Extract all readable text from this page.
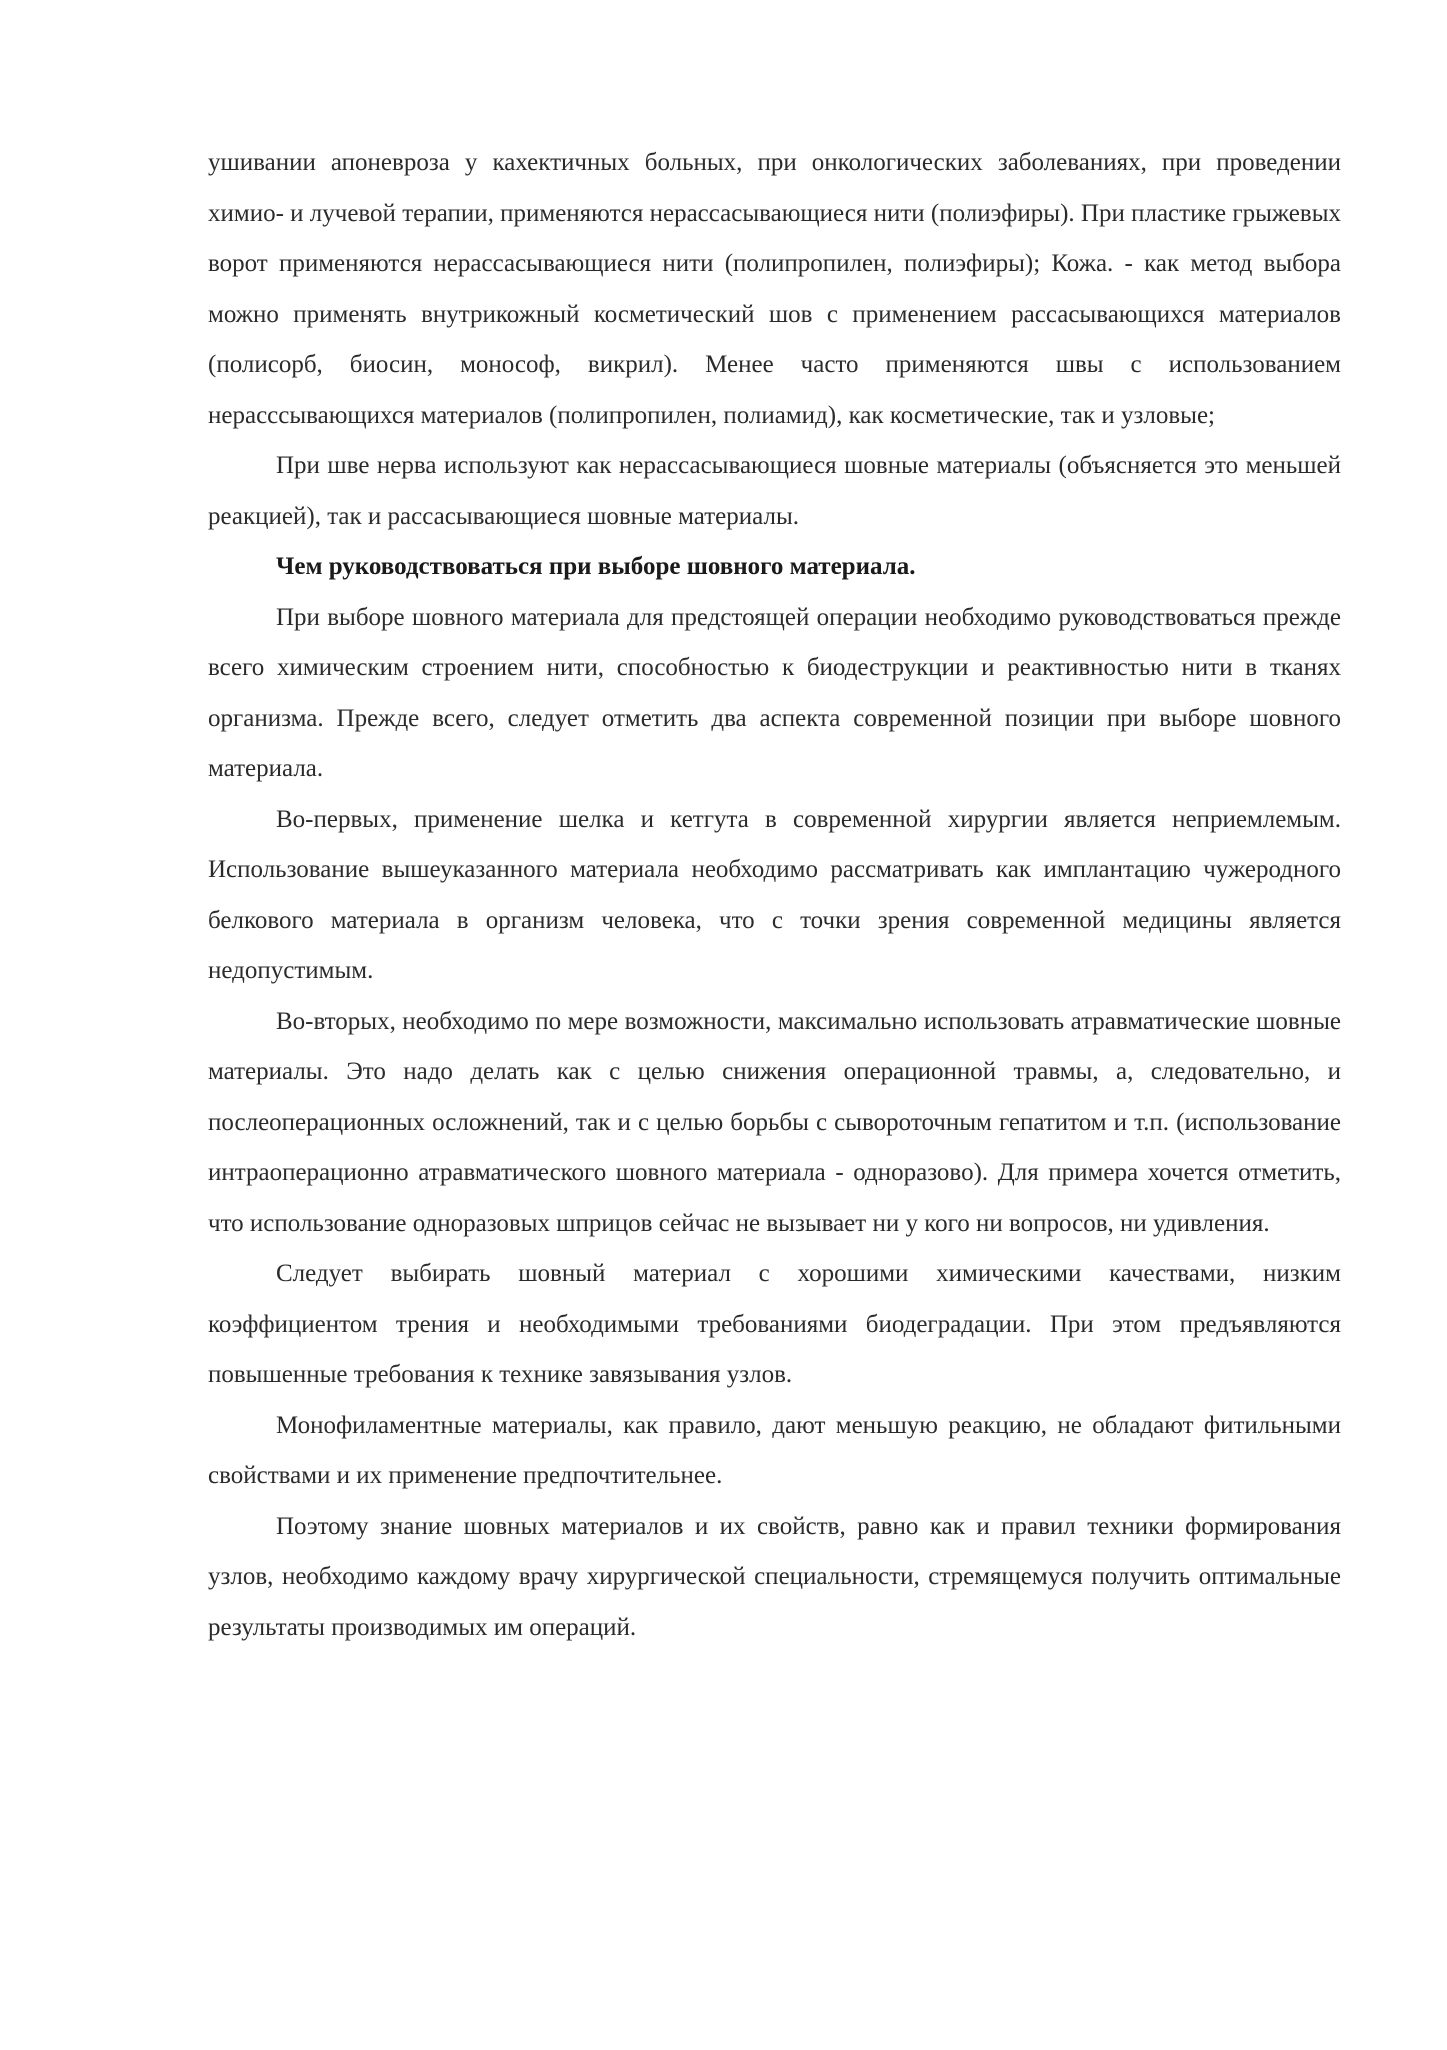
ушивании апоневроза у кахектичных больных, при онкологических заболеваниях, при проведении химио- и лучевой терапии, применяются нерассасывающиеся нити (полиэфиры). При пластике грыжевых ворот применяются нерассасывающиеся нити (полипропилен, полиэфиры); Кожа. - как метод выбора можно применять внутрикожный косметический шов с применением рассасывающихся материалов (полисорб, биосин, монософ, викрил). Менее часто применяются швы с использованием нерасссывающихся материалов (полипропилен, полиамид), как косметические, так и узловые;

При шве нерва используют как нерассасывающиеся шовные материалы (объясняется это меньшей реакцией), так и рассасывающиеся шовные материалы.

Чем руководствоваться при выборе шовного материала.

При выборе шовного материала для предстоящей операции необходимо руководствоваться прежде всего химическим строением нити, способностью к биодеструкции и реактивностью нити в тканях организма. Прежде всего, следует отметить два аспекта современной позиции при выборе шовного материала.

Во-первых, применение шелка и кетгута в современной хирургии является неприемлемым. Использование вышеуказанного материала необходимо рассматривать как имплантацию чужеродного белкового материала в организм человека, что с точки зрения современной медицины является недопустимым.

Во-вторых, необходимо по мере возможности, максимально использовать атравматические шовные материалы. Это надо делать как с целью снижения операционной травмы, а, следовательно, и послеоперационных осложнений, так и с целью борьбы с сывороточным гепатитом и т.п. (использование интраоперационно атравматического шовного материала - одноразово). Для примера хочется отметить, что использование одноразовых шприцов сейчас не вызывает ни у кого ни вопросов, ни удивления.

Следует выбирать шовный материал с хорошими химическими качествами, низким коэффициентом трения и необходимыми требованиями биодеградации. При этом предъявляются повышенные требования к технике завязывания узлов.

Монофиламентные материалы, как правило, дают меньшую реакцию, не обладают фитильными свойствами и их применение предпочтительнее.

Поэтому знание шовных материалов и их свойств, равно как и правил техники формирования узлов, необходимо каждому врачу хирургической специальности, стремящемуся получить оптимальные результаты производимых им операций.
